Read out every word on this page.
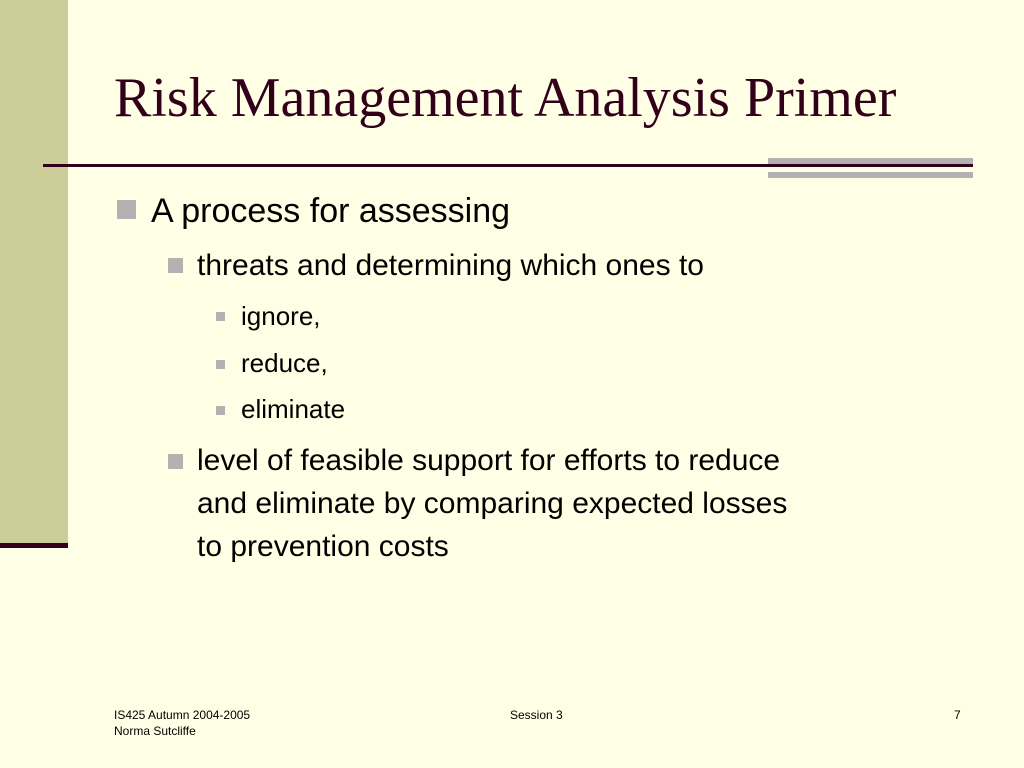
Risk Management Analysis Primer
A process for assessing
threats and determining which ones to
ignore,
reduce,
eliminate
level of feasible support for efforts to reduce
and eliminate by comparing expected losses
to prevention costs
IS425 Autumn 2004-2005
Norma Sutcliffe
Session 3	7
